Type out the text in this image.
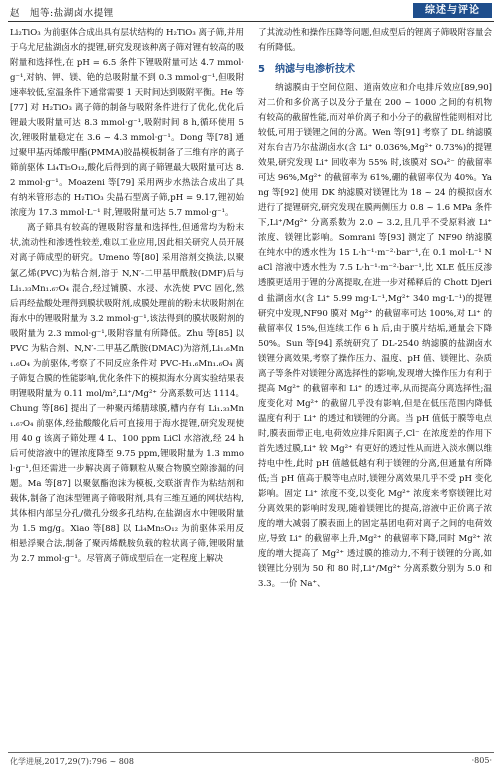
赵　旭等:盐湖卤水提锂	综述与评论

Li₂TiO₃ 为前驱体合成出具有层状结构的 H₂TiO₃ 离子筛,并用于乌尤尼盐湖卤水的提锂,研究发现该种离子筛对锂有较高的吸附量和选择性,在 pH = 6.5 条件下锂吸附量可达 4.7 mmol·g⁻¹,对钠、钾、镁、铯的总吸附量不到 0.3 mmol·g⁻¹,但吸附速率较低,室温条件下通常需要 1 天时间达到吸附平衡。He 等[77] 对 H₂TiO₃ 离子筛的制备与吸附条件进行了优化,优化后锂最大吸附量可达 8.3 mmol·g⁻¹,吸附时间 8 h,循环使用 5 次,锂吸附量稳定在 3.6 ~ 4.3 mmol·g⁻¹。Dong 等[78] 通过聚甲基丙烯酸甲酯(PMMA)胶晶模板制备了三维有序的离子筛前驱体 Li₄Ti₅O₁₂,酸化后得到的离子筛锂最大吸附量可达 8.2 mmol·g⁻¹。Moazeni 等[79] 采用两步水热法合成出了具有纳米管形态的 H₂TiO₃ 尖晶石型离子筛,pH = 9.17,锂初始浓度为 17.3 mmol·L⁻¹ 时,锂吸附量可达 5.7 mmol·g⁻¹。

离子筛具有较高的锂吸附容量和选择性,但通常均为粉末状,流动性和渗透性较差,难以工业应用,因此相关研究人员开展对离子筛成型的研究。Umeno 等[80] 采用溶剂交换法,以聚氯乙烯(PVC)为粘合剂,溶于 N,N′-二甲基甲酰胺(DMF)后与 Li₁.₃₃Mn₁.₆₇O₄ 混合,经过铺膜、水浸、水洗使 PVC 固化,然后再经盐酸处理得到膜状吸附剂,成膜处理前的粉末状吸附剂在海水中的锂吸附量为 3.2 mmol·g⁻¹,该法得到的膜状吸附剂的吸附量为 2.3 mmol·g⁻¹,吸附容量有所降低。Zhu 等[85] 以 PVC 为粘合剂、N,N′-二甲基乙酰胺(DMAC)为溶剂,Li₁.₆Mn₁.₆O₄ 为前驱体,考察了不同反应条件对 PVC-H₁.₆Mn₁.₆O₄ 离子筛复合膜的性能影响,优化条件下的模拟海水分离实验结果表明锂吸附量为 0.11 mol/m²,Li⁺/Mg²⁺ 分离系数可达 1114。Chung 等[86] 提出了一种聚丙烯腈球膜,槽内存有 Li₁.₃₃Mn₁.₆₇O₄ 前驱体,经盐酸酸化后可直接用于海水提锂,研究发现使用 40 g 该离子筛处理 4 L、100 ppm LiCl 水溶液,经 24 h 后可使溶液中的锂浓度降至 9.75 ppm,锂吸附量为 1.3 mmol·g⁻¹,但还需进一步解决离子筛颗粒从聚合物膜空隙渗漏的问题。Ma 等[87] 以聚氨酯泡沫为模板,交联浙青作为粘结剂和载体,制备了泡沫型锂离子筛吸附剂,具有三维互通的网状结构,其体相内部呈分孔/微孔分级多孔结构,在盐湖卤水中锂吸附量为 1.5 mg/g。Xiao 等[88] 以 Li₄Mn₅O₁₂ 为前驱体采用反相悬浮聚合法,制备了聚丙烯酰胺负载的粒状离子筛,锂吸附量为 2.7 mmol·g⁻¹。尽管离子筛成型后在一定程度上解决

了其流动性和操作压降等问题,但成型后的锂离子筛吸附容量会有所降低。

5　纳滤与电渗析技术

纳滤膜由于空间位阻、道南效应和介电排斥效应[89,90] 对二价和多价离子以及分子量在 200 ~ 1000 之间的有机物有较高的截留性能,而对单价离子和小分子的截留性能则相对比较低,可用于镁锂之间的分离。Wen 等[91] 考察了 DL 纳滤膜对东台吉乃尔盐湖卤水(含 Li⁺ 0.036%,Mg²⁺ 0.73%)的提锂效果,研究发现 Li⁺ 回收率为 55% 时,该膜对 SO₄²⁻ 的截留率可达 96%,Mg²⁺ 的截留率为 61%,硼的截留率仅为 40%。Yang 等[92] 使用 DK 纳滤膜对镁锂比为 18 ~ 24 的模拟卤水进行了提锂研究,研究发现在膜两侧压力 0.8 ~ 1.6 MPa 条件下,Li⁺/Mg²⁺ 分离系数为 2.0 ~ 3.2,且几乎不受原料液 Li⁺ 浓度、镁锂比影响。Somrani 等[93] 测定了 NF90 纳滤膜在纯水中的透水性为 15 L·h⁻¹·m⁻²·bar⁻¹,在 0.1 mol·L⁻¹ NaCl 溶液中透水性为 7.5 L·h⁻¹·m⁻²·bar⁻¹,比 XLE 低压反渗透膜更适用于锂的分离提取,在进一步对稀释后的 Chott Djerid 盐湖卤水(含 Li⁺ 5.99 mg·L⁻¹,Mg²⁺ 340 mg·L⁻¹)的提锂研究中发现,NF90 膜对 Mg²⁺ 的截留率可达 100%,对 Li⁺ 的截留率仅 15%,但连续工作 6 h 后,由于膜片结垢,通量会下降 50%。Sun 等[94] 系统研究了 DL-2540 纳滤膜的盐湖卤水镁锂分离效果,考察了操作压力、温度、pH 值、镁锂比、杂质离子等条件对镁锂分离选择性的影响,发现增大操作压力有利于提高 Mg²⁺ 的截留率和 Li⁺ 的透过率,从而提高分离选择性;温度变化对 Mg²⁺ 的截留几乎没有影响,但是在低压范围内降低温度有利于 Li⁺ 的透过和镁锂的分离。当 pH 值低于膜等电点时,膜表面带正电,电荷效应排斥阳离子,Cl⁻ 在浓度差的作用下首先透过膜,Li⁺ 较 Mg²⁺ 有更好的透过性从而进入淡水侧以维持电中性,此时 pH 值越低越有利于镁锂的分离,但通量有所降低;当 pH 值高于膜等电点时,镁锂分离效果几乎不受 pH 变化影响。固定 Li⁺ 浓度不变,以变化 Mg²⁺ 浓度来考察镁锂比对分离效果的影响时发现,随着镁锂比的提高,溶液中正价离子浓度的增大减弱了膜表面上的固定基团电荷对离子之间的电荷效应,导致 Li⁺ 的截留率上升,Mg²⁺ 的截留率下降,同时 Mg²⁺ 浓度的增大提高了 Mg²⁺ 透过膜的推动力,不利于镁锂的分离,如镁锂比分别为 50 和 80 时,Li⁺/Mg²⁺ 分离系数分别为 5.0 和 3.3。一价 Na⁺、

化学进展,2017,29(7):796 ~ 808	·805·
